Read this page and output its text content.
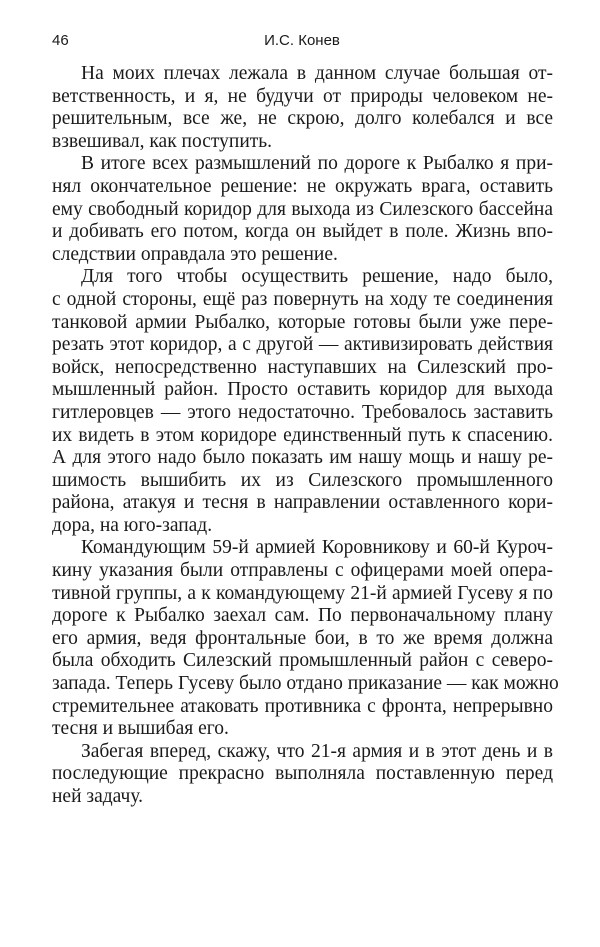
46	И.С. Конев
На моих плечах лежала в данном случае большая от-
ветственность, и я, не будучи от природы человеком не-
решительным, все же, не скрою, долго колебался и все
взвешивал, как поступить.
В итоге всех размышлений по дороге к Рыбалко я при-
нял окончательное решение: не окружать врага, оставить
ему свободный коридор для выхода из Силезского бассейна
и добивать его потом, когда он выйдет в поле. Жизнь впо-
следствии оправдала это решение.
Для того чтобы осуществить решение, надо было,
с одной стороны, ещё раз повернуть на ходу те соединения
танковой армии Рыбалко, которые готовы были уже пере-
резать этот коридор, а с другой — активизировать действия
войск, непосредственно наступавших на Силезский про-
мышленный район. Просто оставить коридор для выхода
гитлеровцев — этого недостаточно. Требовалось заставить
их видеть в этом коридоре единственный путь к спасению.
А для этого надо было показать им нашу мощь и нашу ре-
шимость вышибить их из Силезского промышленного
района, атакуя и тесня в направлении оставленного кори-
дора, на юго-запад.
Командующим 59-й армией Коровникову и 60-й Куроч-
кину указания были отправлены с офицерами моей опера-
тивной группы, а к командующему 21-й армией Гусеву я по
дороге к Рыбалко заехал сам. По первоначальному плану
его армия, ведя фронтальные бои, в то же время должна
была обходить Силезский промышленный район с северо-
запада. Теперь Гусеву было отдано приказание — как можно
стремительнее атаковать противника с фронта, непрерывно
тесня и вышибая его.
Забегая вперед, скажу, что 21-я армия и в этот день и в
последующие прекрасно выполняла поставленную перед
ней задачу.
